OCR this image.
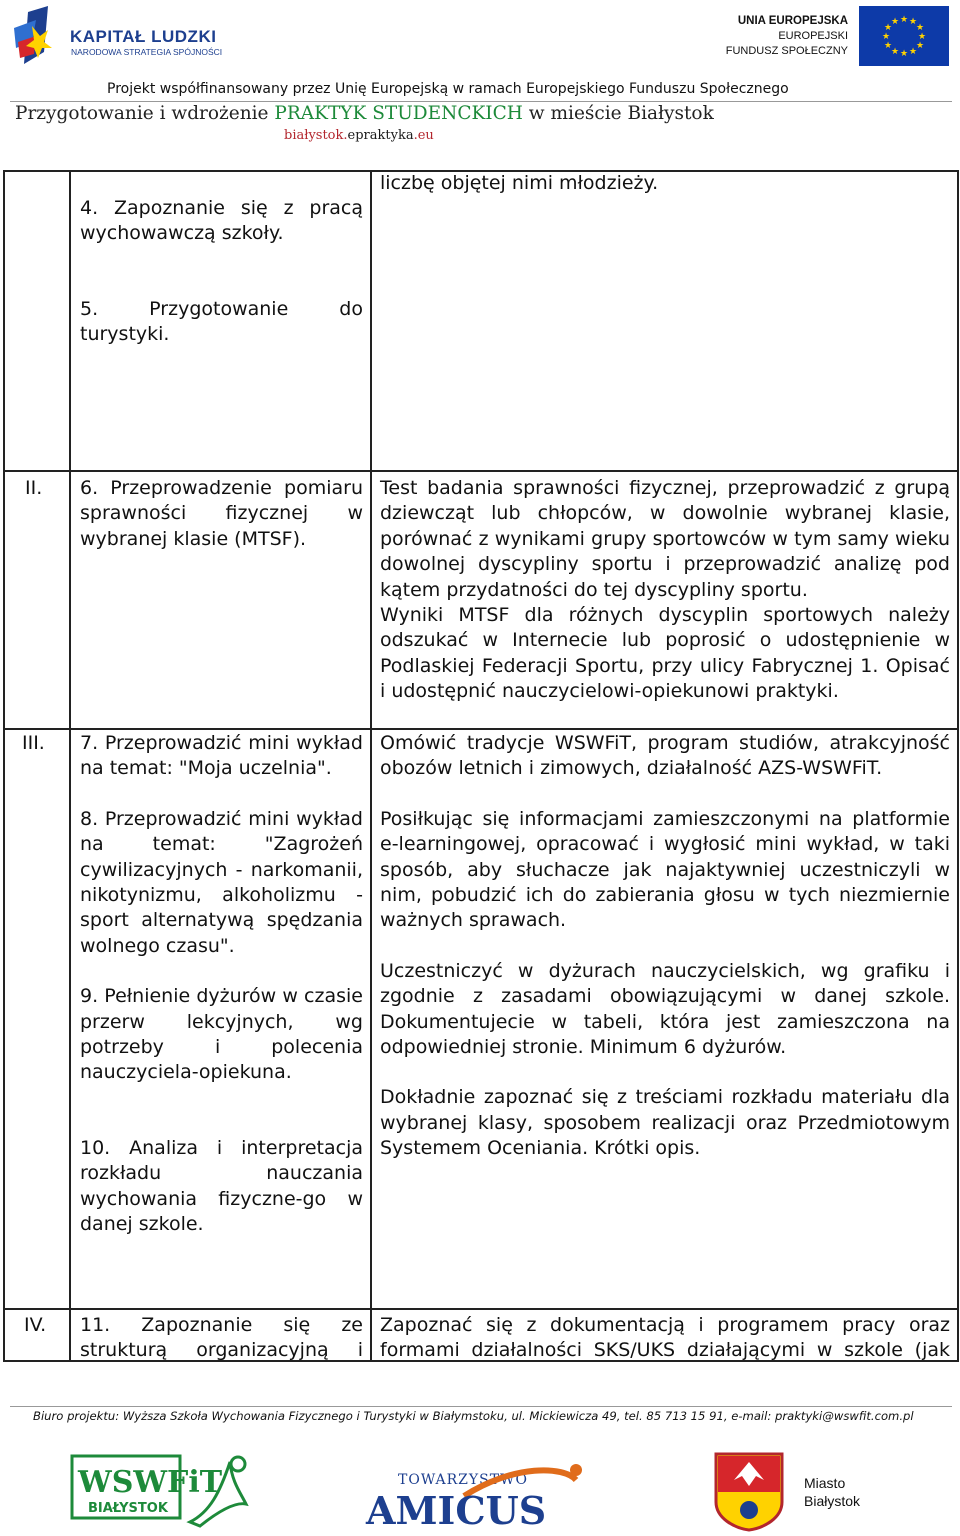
KAPITAŁ LUDZKI
NARODOWA STRATEGIA SPÓJNOŚCI
UNIA EUROPEJSKA
EUROPEJSKI
FUNDUSZ SPOŁECZNY
★ ★
★
★
★
★
★
★
★
★
★
★
Projekt współfinansowany przez Unię Europejską w ramach Europejskiego Funduszu Społecznego
Przygotowanie i wdrożenie PRAKTYK STUDENCKICH w mieście Białystok
białystok.epraktyka.eu

4. Zapoznanie się z pracą wychowawczą szkoły.

5. Przygotowanie do turystyki.

liczbę objętej nimi młodzieży.
II. 6. Przeprowadzenie pomiaru sprawności fizycznej w wybranej klasie (MTSF).

Test badania sprawności fizycznej, przeprowadzić z grupą dziewcząt lub chłopców, w dowolnie wybranej klasie, porównać z wynikami grupy sportowców w tym samy wieku dowolnej dyscypliny sportu i przeprowadzić analizę pod kątem przydatności do tej dyscypliny sportu.

Wyniki MTSF dla różnych dyscyplin sportowych należy odszukać w Internecie lub poprosić o udostępnienie w Podlaskiej Federacji Sportu, przy ulicy Fabrycznej 1. Opisać i udostępnić nauczycielowi-opiekunowi praktyki.

III. 7. Przeprowadzić mini wykład na temat: "Moja uczelnia".

8. Przeprowadzić mini wykład na temat: "Zagrożeń cywilizacyjnych - narkomanii, nikotynizmu, alkoholizmu - sport alternatywą spędzania wolnego czasu".

9. Pełnienie dyżurów w czasie przerw lekcyjnych, wg potrzeby i polecenia nauczyciela-opiekuna.

10. Analiza i interpretacja rozkładu nauczania wychowania fizyczne-go w danej szkole.

Omówić tradycje WSWFiT, program studiów, atrakcyjność obozów letnich i zimowych, działalność AZS-WSWFiT.

Posiłkując się informacjami zamieszczonymi na platformie e-learningowej, opracować i wygłosić mini wykład, w taki sposób, aby słuchacze jak najaktywniej uczestniczyli w nim, pobudzić ich do zabierania głosu w tych niezmiernie ważnych sprawach.

Uczestniczyć w dyżurach nauczycielskich, wg grafiku i zgodnie z zasadami obowiązującymi w danej szkole. Dokumentujecie w tabeli, która jest zamieszczona na odpowiedniej stronie. Minimum 6 dyżurów.

Dokładnie zapoznać się z treściami rozkładu materiału dla wybranej klasy, sposobem realizacji oraz Przedmiotowym Systemem Oceniania. Krótki opis.

IV. 11. Zapoznanie się ze strukturą organizacyjną i
Zapoznać się z dokumentacją i programem pracy oraz formami działalności SKS/UKS działającymi w szkole (jak
Biuro projektu: Wyższa Szkoła Wychowania Fizycznego i Turystyki w Białymstoku, ul. Mickiewicza 49, tel. 85 713 15 91, e-mail: praktyki@wswfit.com.pl
WSWFiT
BIAŁYSTOK
TOWARZYSTWO
AMICUS
Miasto
Białystok
